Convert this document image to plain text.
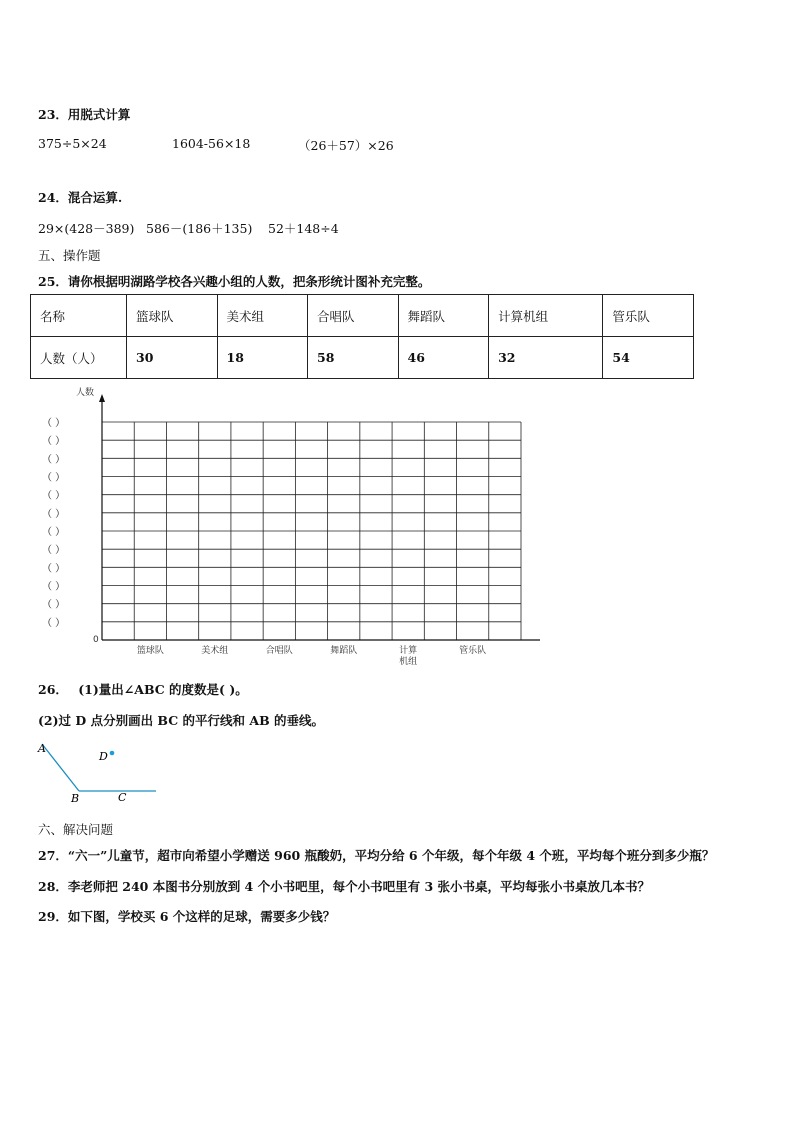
23．用脱式计算
375÷5×24	1604-56×18	（26＋57）×26
24．混合运算.
29×(428－389) 586－(186＋135) 52＋148÷4
五、操作题
25．请你根据明湖路学校各兴趣小组的人数，把条形统计图补充完整。
名称	篮球队	美术组	合唱队	舞蹈队	计算机组	管乐队
人数（人）	30	18	58	46	32	54
人数
0
（ ）
（ ）
（ ）
（ ）
（ ）
（ ）
（ ）
（ ）
（ ）
（ ）
（ ）
（ ）
篮球队	美术组	合唱队	舞蹈队	计算
机组
管乐队
26． (1)量出∠ABC 的度数是( )。
(2)过 D 点分别画出 BC 的平行线和 AB 的垂线。
A
B	C
D
六、解决问题
27．“六一”儿童节，超市向希望小学赠送 960 瓶酸奶，平均分给 6 个年级，每个年级 4 个班，平均每个班分到多少瓶？
28．李老师把 240 本图书分别放到 4 个小书吧里，每个小书吧里有 3 张小书桌，平均每张小书桌放几本书？
29．如下图，学校买 6 个这样的足球，需要多少钱？
